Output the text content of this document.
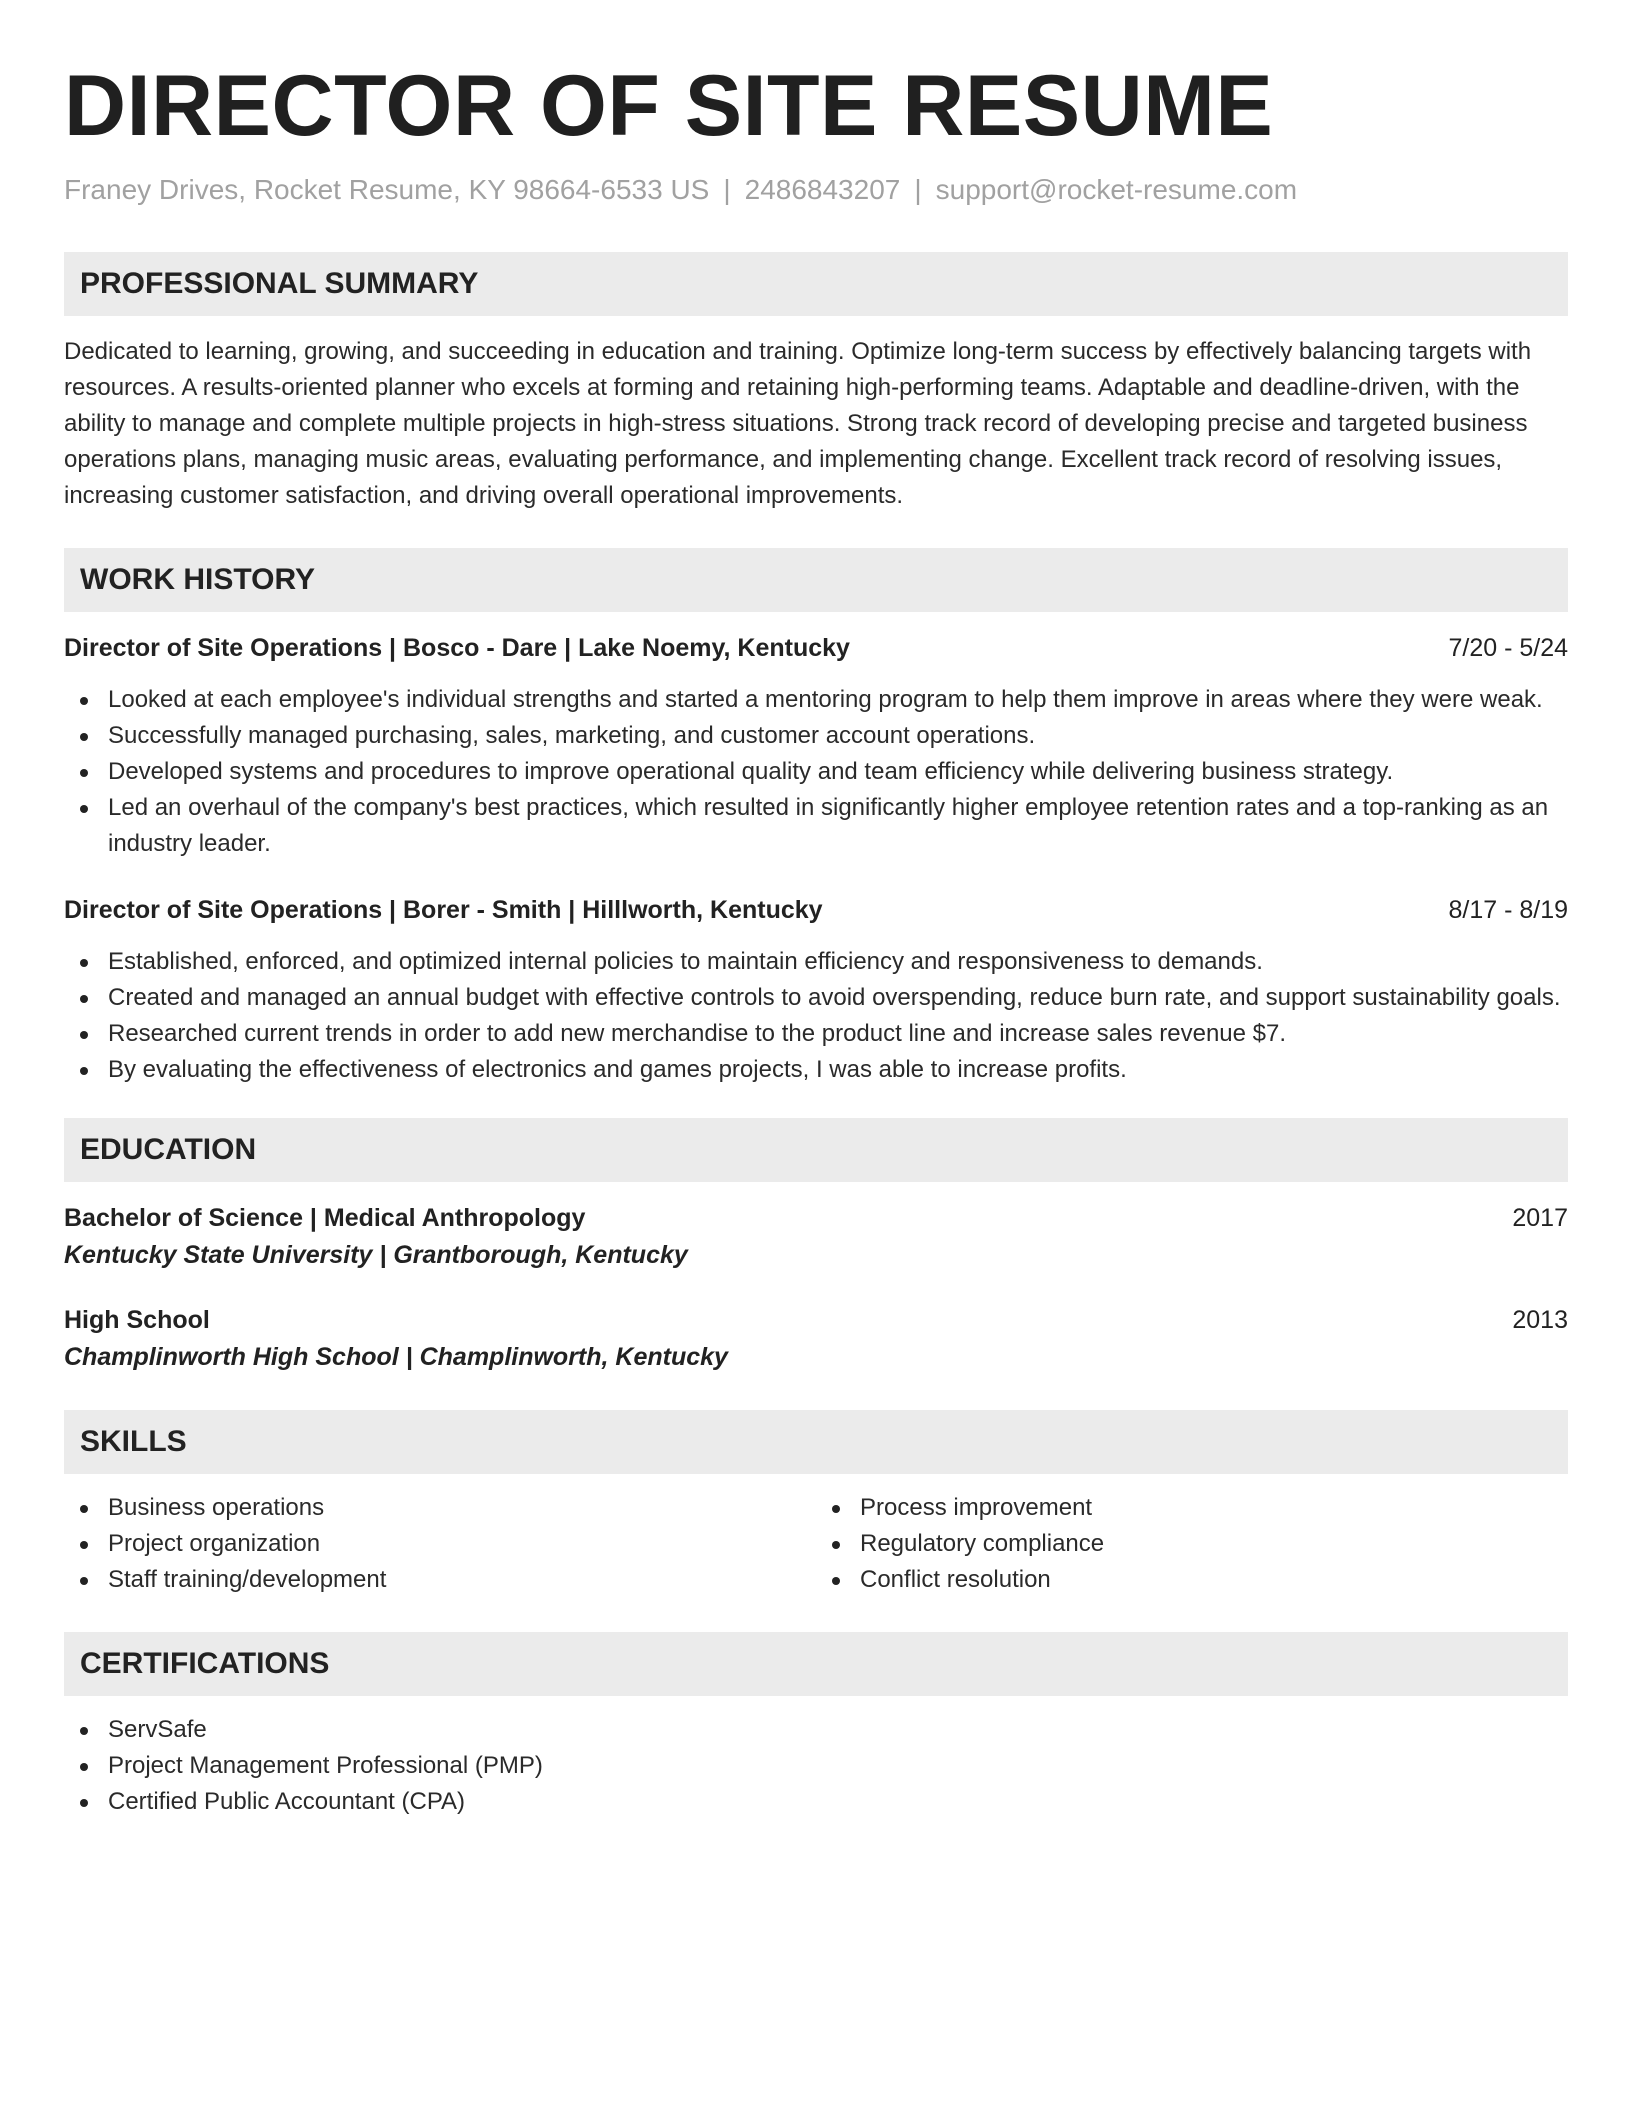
DIRECTOR OF SITE RESUME
Franey Drives, Rocket Resume, KY 98664-6533 US | 2486843207 | support@rocket-resume.com
PROFESSIONAL SUMMARY

Dedicated to learning, growing, and succeeding in education and training. Optimize long-term success by effectively balancing targets with resources. A results-oriented planner who excels at forming and retaining high-performing teams. Adaptable and deadline-driven, with the ability to manage and complete multiple projects in high-stress situations. Strong track record of developing precise and targeted business operations plans, managing music areas, evaluating performance, and implementing change. Excellent track record of resolving issues, increasing customer satisfaction, and driving overall operational improvements.

WORK HISTORY
Director of Site Operations | Bosco - Dare | Lake Noemy, Kentucky	7/20 - 5/24
Looked at each employee's individual strengths and started a mentoring program to help them improve in areas where they were weak.
Successfully managed purchasing, sales, marketing, and customer account operations.
Developed systems and procedures to improve operational quality and team efficiency while delivering business strategy.
Led an overhaul of the company's best practices, which resulted in significantly higher employee retention rates and a top-ranking as an industry leader.
Director of Site Operations | Borer - Smith | Hilllworth, Kentucky	8/17 - 8/19
Established, enforced, and optimized internal policies to maintain efficiency and responsiveness to demands.
Created and managed an annual budget with effective controls to avoid overspending, reduce burn rate, and support sustainability goals.
Researched current trends in order to add new merchandise to the product line and increase sales revenue $7.
By evaluating the effectiveness of electronics and games projects, I was able to increase profits.
EDUCATION
Bachelor of Science | Medical Anthropology	2017
Kentucky State University | Grantborough, Kentucky
High School	2013
Champlinworth High School | Champlinworth, Kentucky
SKILLS
Business operations
Project organization
Staff training/development
Process improvement
Regulatory compliance
Conflict resolution
CERTIFICATIONS
ServSafe
Project Management Professional (PMP)
Certified Public Accountant (CPA)
